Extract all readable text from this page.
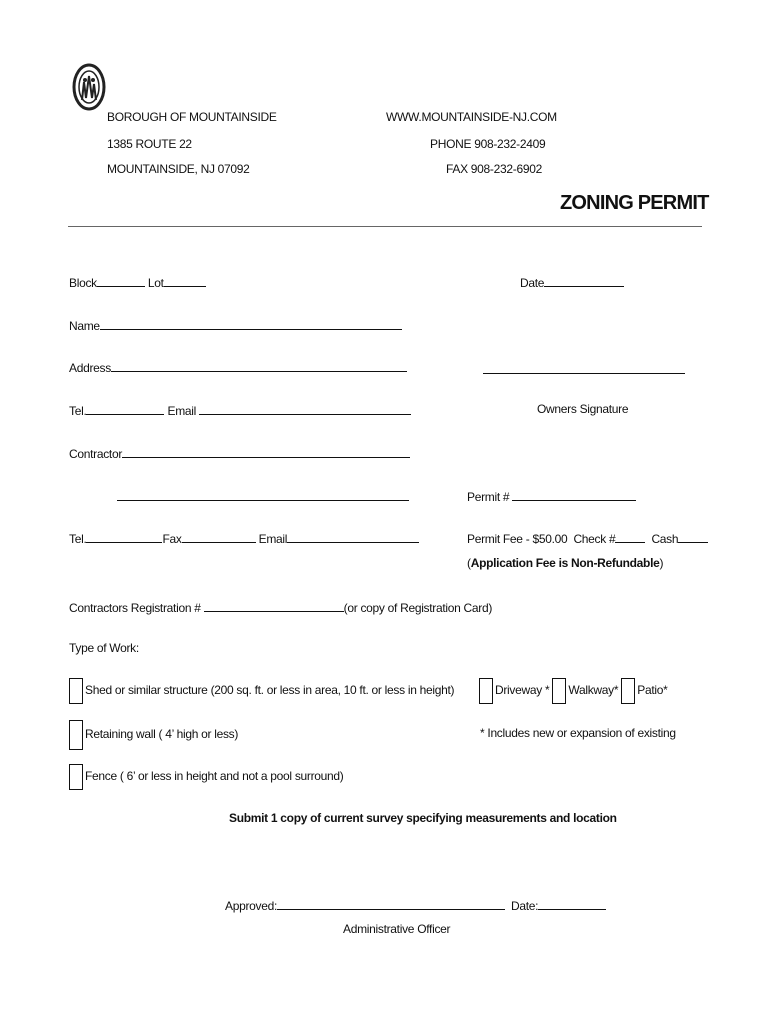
BOROUGH OF MOUNTAINSIDE
1385 ROUTE 22
MOUNTAINSIDE, NJ 07092
WWW.MOUNTAINSIDE-NJ.COM
PHONE 908-232-2409
FAX 908-232-6902
ZONING PERMIT
Block	Lot	Date
Name
Address
Tel.	Email	Owners Signature
Contractor
Permit #
Tel.	Fax	Email	Permit Fee - $50.00 Check #	Cash
(Application Fee is Non-Refundable)
Contractors Registration #	(or copy of Registration Card)
Type of Work:
Shed or similar structure (200 sq. ft. or less in area, 10 ft. or less in height)	Driveway * Walkway* Patio*
Retaining wall ( 4’ high or less)	* Includes new or expansion of existing
Fence ( 6’ or less in height and not a pool surround)
Submit 1 copy of current survey specifying measurements and location
Approved:	Date:
Administrative Officer
